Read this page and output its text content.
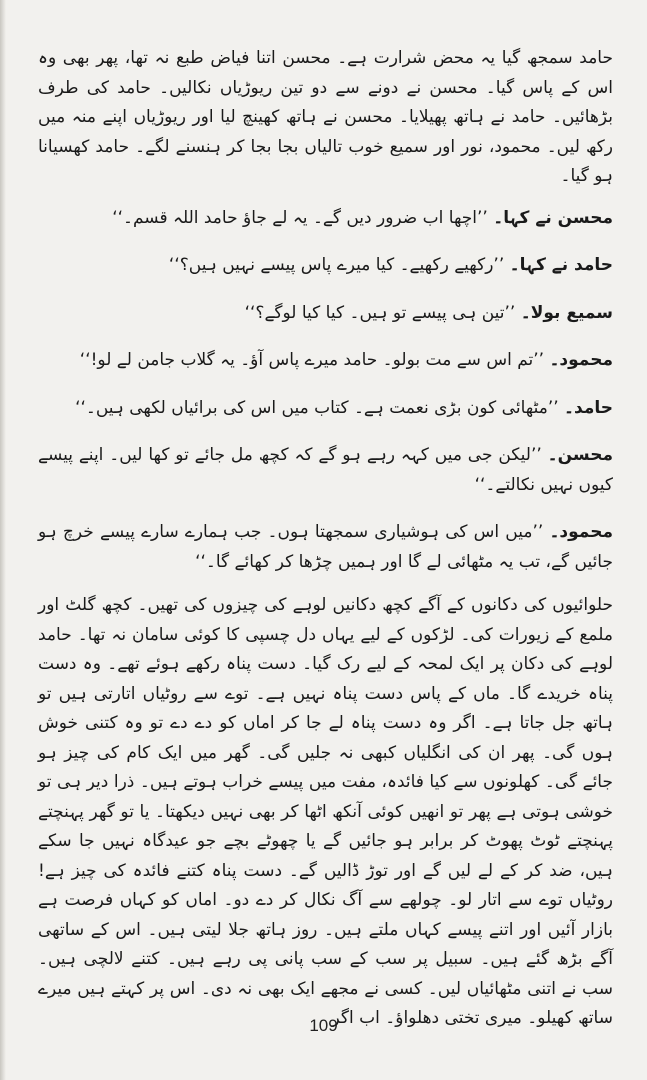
حامد سمجھ گیا یہ محض شرارت ہے۔ محسن اتنا فیاض طبع نہ تھا، پھر بھی وہ اس کے پاس گیا۔ محسن نے دونے سے دو تین ریوڑیاں نکالیں۔ حامد کی طرف بڑھائیں۔ حامد نے ہاتھ پھیلایا۔ محسن نے ہاتھ کھینچ لیا اور ریوڑیاں اپنے منہ میں رکھ لیں۔ محمود، نور اور سمیع خوب تالیاں بجا بجا کر ہنسنے لگے۔ حامد کھسیانا ہو گیا۔

محسن نے کہا۔ ’’اچھا اب ضرور دیں گے۔ یہ لے جاؤ حامد اللہ قسم۔‘‘

حامد نے کہا۔ ’’رکھیے رکھیے۔ کیا میرے پاس پیسے نہیں ہیں؟‘‘

سمیع بولا۔ ’’تین ہی پیسے تو ہیں۔ کیا کیا لوگے؟‘‘

محمود۔ ’’تم اس سے مت بولو۔ حامد میرے پاس آؤ۔ یہ گلاب جامن لے لو!‘‘

حامد۔ ’’مٹھائی کون بڑی نعمت ہے۔ کتاب میں اس کی برائیاں لکھی ہیں۔‘‘

محسن۔ ’’لیکن جی میں کہہ رہے ہو گے کہ کچھ مل جائے تو کھا لیں۔ اپنے پیسے کیوں نہیں نکالتے۔‘‘

محمود۔ ’’میں اس کی ہوشیاری سمجھتا ہوں۔ جب ہمارے سارے پیسے خرچ ہو جائیں گے، تب یہ مٹھائی لے گا اور ہمیں چڑھا کر کھائے گا۔‘‘

حلوائیوں کی دکانوں کے آگے کچھ دکانیں لوہے کی چیزوں کی تھیں۔ کچھ گلٹ اور ملمع کے زیورات کی۔ لڑکوں کے لیے یہاں دل چسپی کا کوئی سامان نہ تھا۔ حامد لوہے کی دکان پر ایک لمحہ کے لیے رک گیا۔ دست پناہ رکھے ہوئے تھے۔ وہ دست پناہ خریدے گا۔ ماں کے پاس دست پناہ نہیں ہے۔ توے سے روٹیاں اتارتی ہیں تو ہاتھ جل جاتا ہے۔ اگر وہ دست پناہ لے جا کر اماں کو دے دے تو وہ کتنی خوش ہوں گی۔ پھر ان کی انگلیاں کبھی نہ جلیں گی۔ گھر میں ایک کام کی چیز ہو جائے گی۔ کھلونوں سے کیا فائدہ، مفت میں پیسے خراب ہوتے ہیں۔ ذرا دیر ہی تو خوشی ہوتی ہے پھر تو انھیں کوئی آنکھ اٹھا کر بھی نہیں دیکھتا۔ یا تو گھر پہنچتے پہنچتے ٹوٹ پھوٹ کر برابر ہو جائیں گے یا چھوٹے بچے جو عیدگاہ نہیں جا سکے ہیں، ضد کر کے لے لیں گے اور توڑ ڈالیں گے۔ دست پناہ کتنے فائدہ کی چیز ہے! روٹیاں توے سے اتار لو۔ چولھے سے آگ نکال کر دے دو۔ اماں کو کہاں فرصت ہے بازار آئیں اور اتنے پیسے کہاں ملتے ہیں۔ روز ہاتھ جلا لیتی ہیں۔ اس کے ساتھی آگے بڑھ گئے ہیں۔ سبیل پر سب کے سب پانی پی رہے ہیں۔ کتنے لالچی ہیں۔ سب نے اتنی مٹھائیاں لیں۔ کسی نے مجھے ایک بھی نہ دی۔ اس پر کہتے ہیں میرے ساتھ کھیلو۔ میری تختی دھلواؤ۔ اب اگر

109
